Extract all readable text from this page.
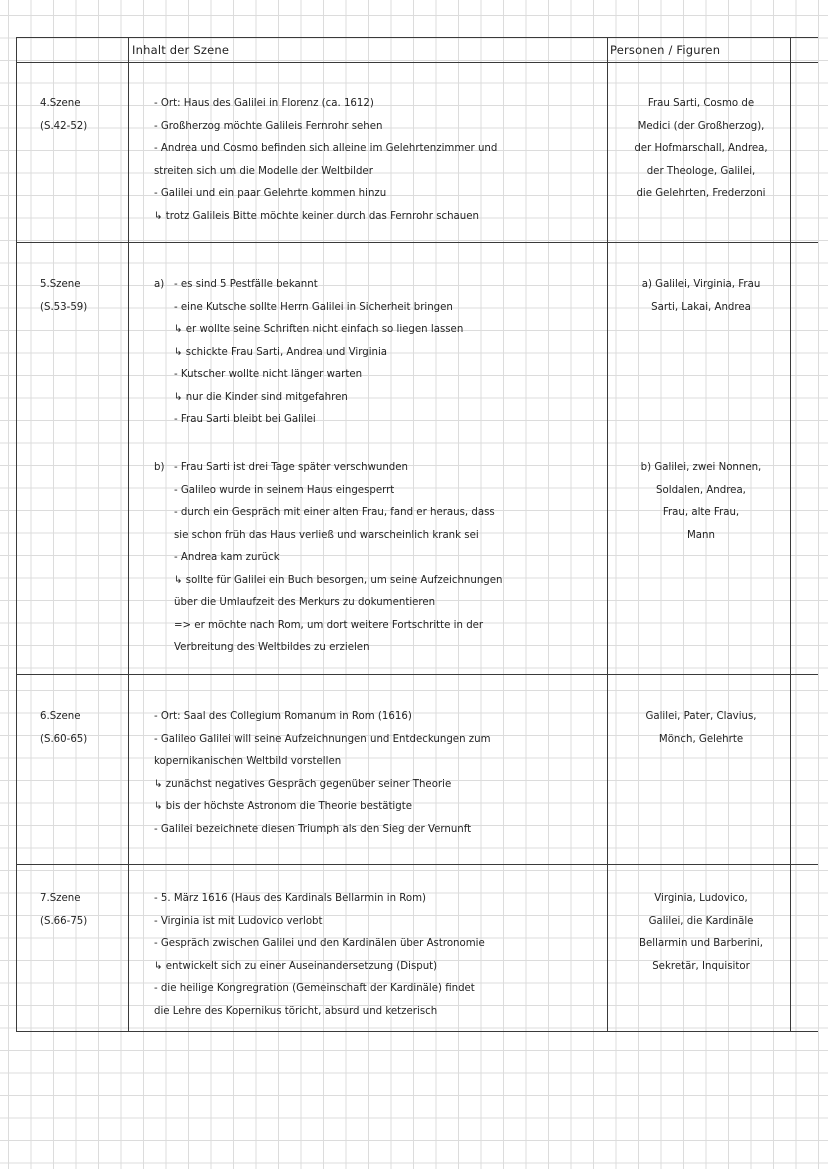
Inhalt der Szene	Personen / Figuren
4.Szene
(S.42-52)
- Ort: Haus des Galilei in Florenz (ca. 1612)
- Großherzog möchte Galileis Fernrohr sehen
- Andrea und Cosmo befinden sich alleine im Gelehrtenzimmer und
streiten sich um die Modelle der Weltbilder
- Galilei und ein paar Gelehrte kommen hinzu
↳ trotz Galileis Bitte möchte keiner durch das Fernrohr schauen
Frau Sarti, Cosmo de
Medici (der Großherzog),
der Hofmarschall, Andrea,
der Theologe, Galilei,
die Gelehrten, Frederzoni
5.Szene
(S.53-59)
a) - es sind 5 Pestfälle bekannt
- eine Kutsche sollte Herrn Galilei in Sicherheit bringen
↳ er wollte seine Schriften nicht einfach so liegen lassen
↳ schickte Frau Sarti, Andrea und Virginia
- Kutscher wollte nicht länger warten
↳ nur die Kinder sind mitgefahren
- Frau Sarti bleibt bei Galilei
a) Galilei, Virginia, Frau
Sarti, Lakai, Andrea
b) - Frau Sarti ist drei Tage später verschwunden
- Galileo wurde in seinem Haus eingesperrt
- durch ein Gespräch mit einer alten Frau, fand er heraus, dass
sie schon früh das Haus verließ und warscheinlich krank sei
- Andrea kam zurück
↳ sollte für Galilei ein Buch besorgen, um seine Aufzeichnungen
über die Umlaufzeit des Merkurs zu dokumentieren
=> er möchte nach Rom, um dort weitere Fortschritte in der
Verbreitung des Weltbildes zu erzielen
b) Galilei, zwei Nonnen,
Soldalen, Andrea,
Frau, alte Frau,
Mann
6.Szene
(S.60-65)
- Ort: Saal des Collegium Romanum in Rom (1616)
- Galileo Galilei will seine Aufzeichnungen und Entdeckungen zum
kopernikanischen Weltbild vorstellen
↳ zunächst negatives Gespräch gegenüber seiner Theorie
↳ bis der höchste Astronom die Theorie bestätigte
- Galilei bezeichnete diesen Triumph als den Sieg der Vernunft
Galilei, Pater, Clavius,
Mönch, Gelehrte
7.Szene
(S.66-75)
- 5. März 1616 (Haus des Kardinals Bellarmin in Rom)
- Virginia ist mit Ludovico verlobt
- Gespräch zwischen Galilei und den Kardinälen über Astronomie
↳ entwickelt sich zu einer Auseinandersetzung (Disput)
- die heilige Kongregration (Gemeinschaft der Kardinäle) findet
die Lehre des Kopernikus töricht, absurd und ketzerisch
Virginia, Ludovico,
Galilei, die Kardinäle
Bellarmin und Barberini,
Sekretär, Inquisitor
